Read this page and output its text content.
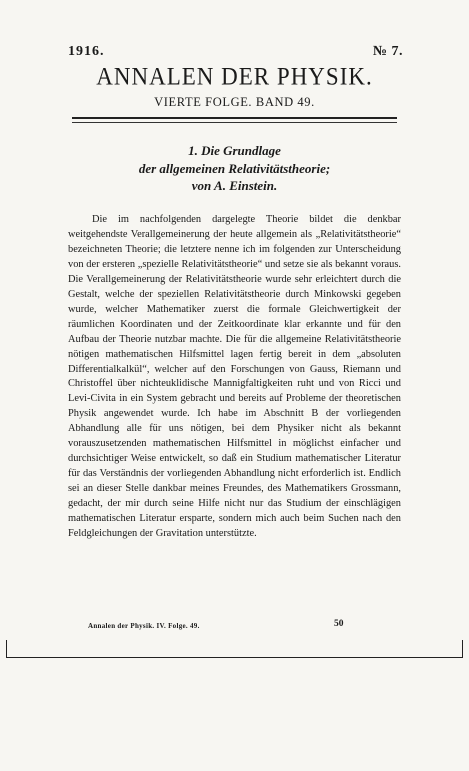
1916.	№ 7.
ANNALEN DER PHYSIK.
VIERTE FOLGE. BAND 49.
1. Die Grundlage
der allgemeinen Relativitätstheorie;
von A. Einstein.

Die im nachfolgenden dargelegte Theorie bildet die denkbar weitgehendste Verallgemeinerung der heute allgemein als „Relativitätstheorie“ bezeichneten Theorie; die letztere nenne ich im folgenden zur Unterscheidung von der ersteren „spezielle Relativitätstheorie“ und setze sie als bekannt voraus. Die Verallgemeinerung der Relativitätstheorie wurde sehr erleichtert durch die Gestalt, welche der speziellen Relativitätstheorie durch Minkowski gegeben wurde, welcher Mathematiker zuerst die formale Gleichwertigkeit der räumlichen Koordinaten und der Zeitkoordinate klar erkannte und für den Aufbau der Theorie nutzbar machte. Die für die allgemeine Relativitätstheorie nötigen mathematischen Hilfsmittel lagen fertig bereit in dem „absoluten Differentialkalkül“, welcher auf den Forschungen von Gauss, Riemann und Christoffel über nichteuklidische Mannigfaltigkeiten ruht und von Ricci und Levi-Civita in ein System gebracht und bereits auf Probleme der theoretischen Physik angewendet wurde. Ich habe im Abschnitt B der vorliegenden Abhandlung alle für uns nötigen, bei dem Physiker nicht als bekannt vorauszusetzenden mathematischen Hilfsmittel in möglichst einfacher und durchsichtiger Weise entwickelt, so daß ein Studium mathematischer Literatur für das Verständnis der vorliegenden Abhandlung nicht erforderlich ist. Endlich sei an dieser Stelle dankbar meines Freundes, des Mathematikers Grossmann, gedacht, der mir durch seine Hilfe nicht nur das Studium der einschlägigen mathematischen Literatur ersparte, sondern mich auch beim Suchen nach den Feldgleichungen der Gravitation unterstützte.

Annalen der Physik. IV. Folge. 49.	50
